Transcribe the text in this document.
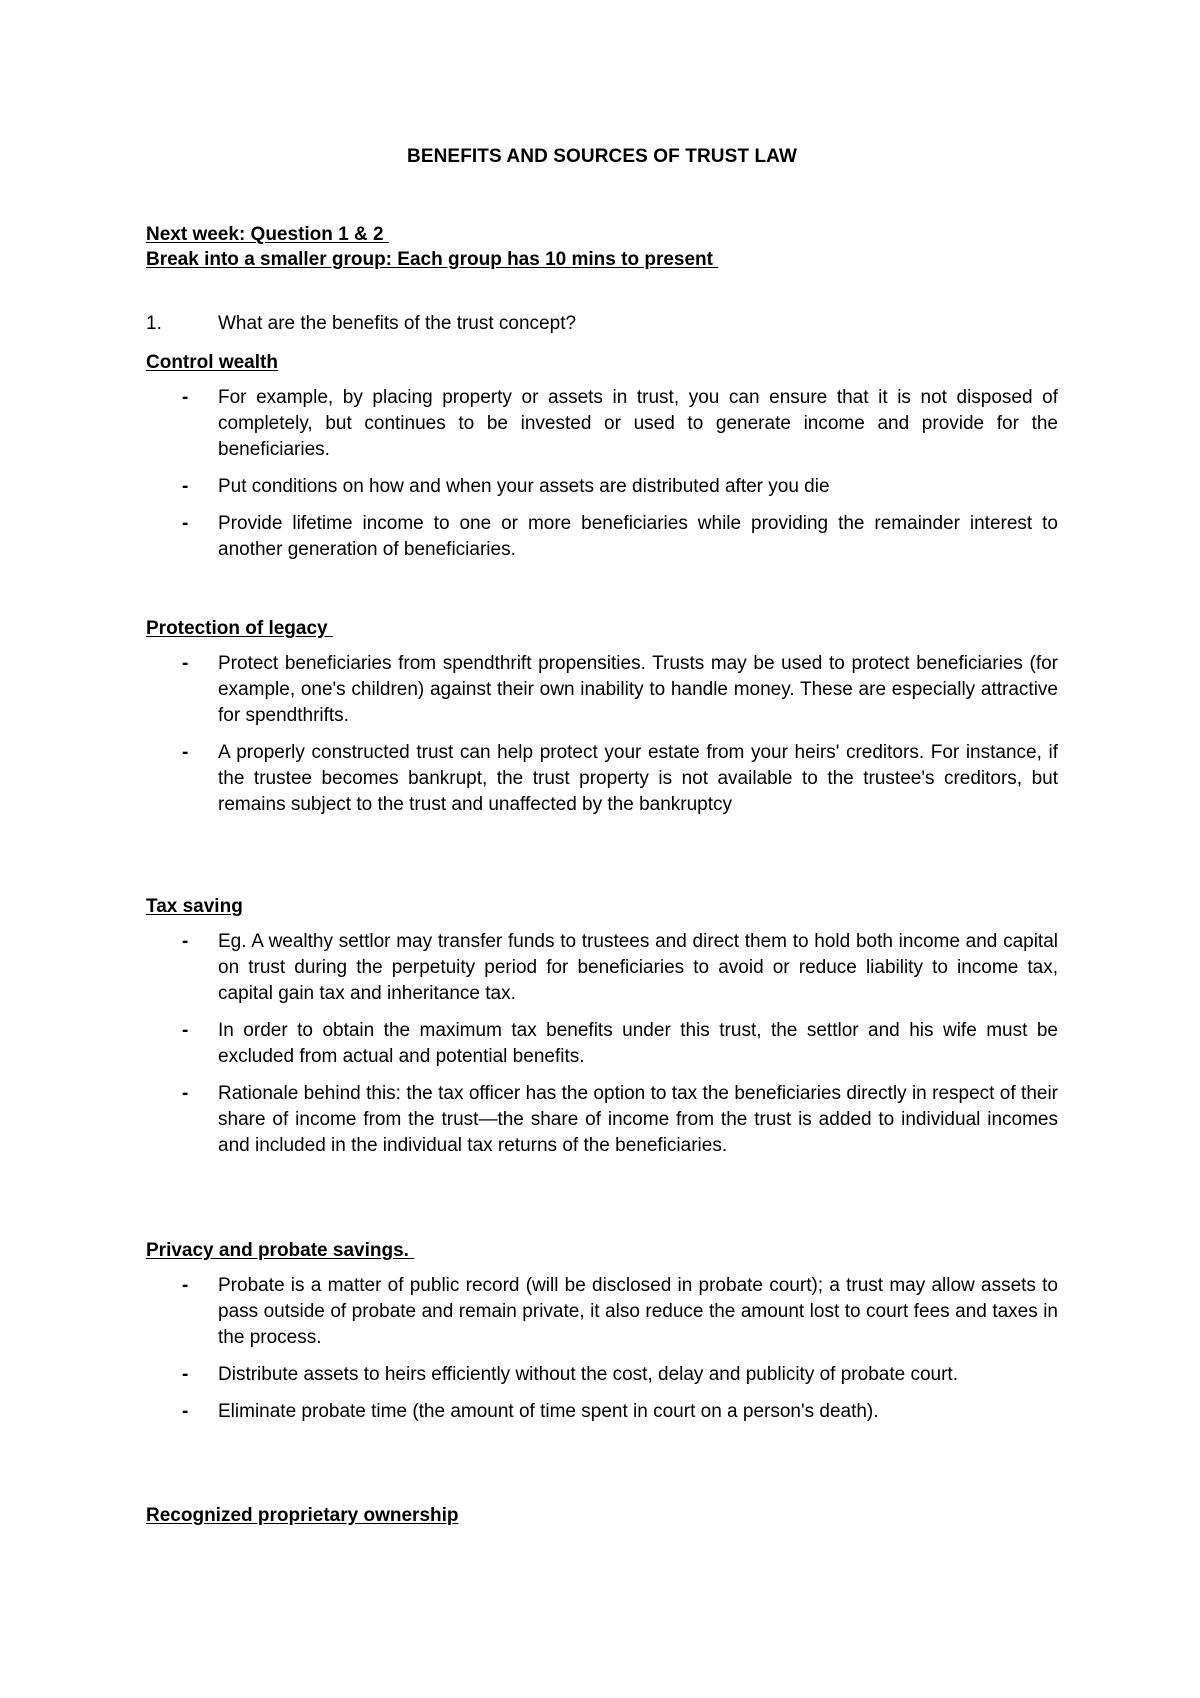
BENEFITS AND SOURCES OF TRUST LAW
Next week: Question 1 & 2
Break into a smaller group: Each group has 10 mins to present
1.	What are the benefits of the trust concept?
Control wealth
- For example, by placing property or assets in trust, you can ensure that it is not disposed of completely, but continues to be invested or used to generate income and provide for the beneficiaries.
- Put conditions on how and when your assets are distributed after you die
- Provide lifetime income to one or more beneficiaries while providing the remainder interest to another generation of beneficiaries.
Protection of legacy
- Protect beneficiaries from spendthrift propensities. Trusts may be used to protect beneficiaries (for example, one's children) against their own inability to handle money. These are especially attractive for spendthrifts.
- A properly constructed trust can help protect your estate from your heirs' creditors. For instance, if the trustee becomes bankrupt, the trust property is not available to the trustee's creditors, but remains subject to the trust and unaffected by the bankruptcy
Tax saving
- Eg. A wealthy settlor may transfer funds to trustees and direct them to hold both income and capital on trust during the perpetuity period for beneficiaries to avoid or reduce liability to income tax, capital gain tax and inheritance tax.
- In order to obtain the maximum tax benefits under this trust, the settlor and his wife must be excluded from actual and potential benefits.
- Rationale behind this: the tax officer has the option to tax the beneficiaries directly in respect of their share of income from the trust—the share of income from the trust is added to individual incomes and included in the individual tax returns of the beneficiaries.
Privacy and probate savings.
- Probate is a matter of public record (will be disclosed in probate court); a trust may allow assets to pass outside of probate and remain private, it also reduce the amount lost to court fees and taxes in the process.
- Distribute assets to heirs efficiently without the cost, delay and publicity of probate court.
- Eliminate probate time (the amount of time spent in court on a person's death).
Recognized proprietary ownership
